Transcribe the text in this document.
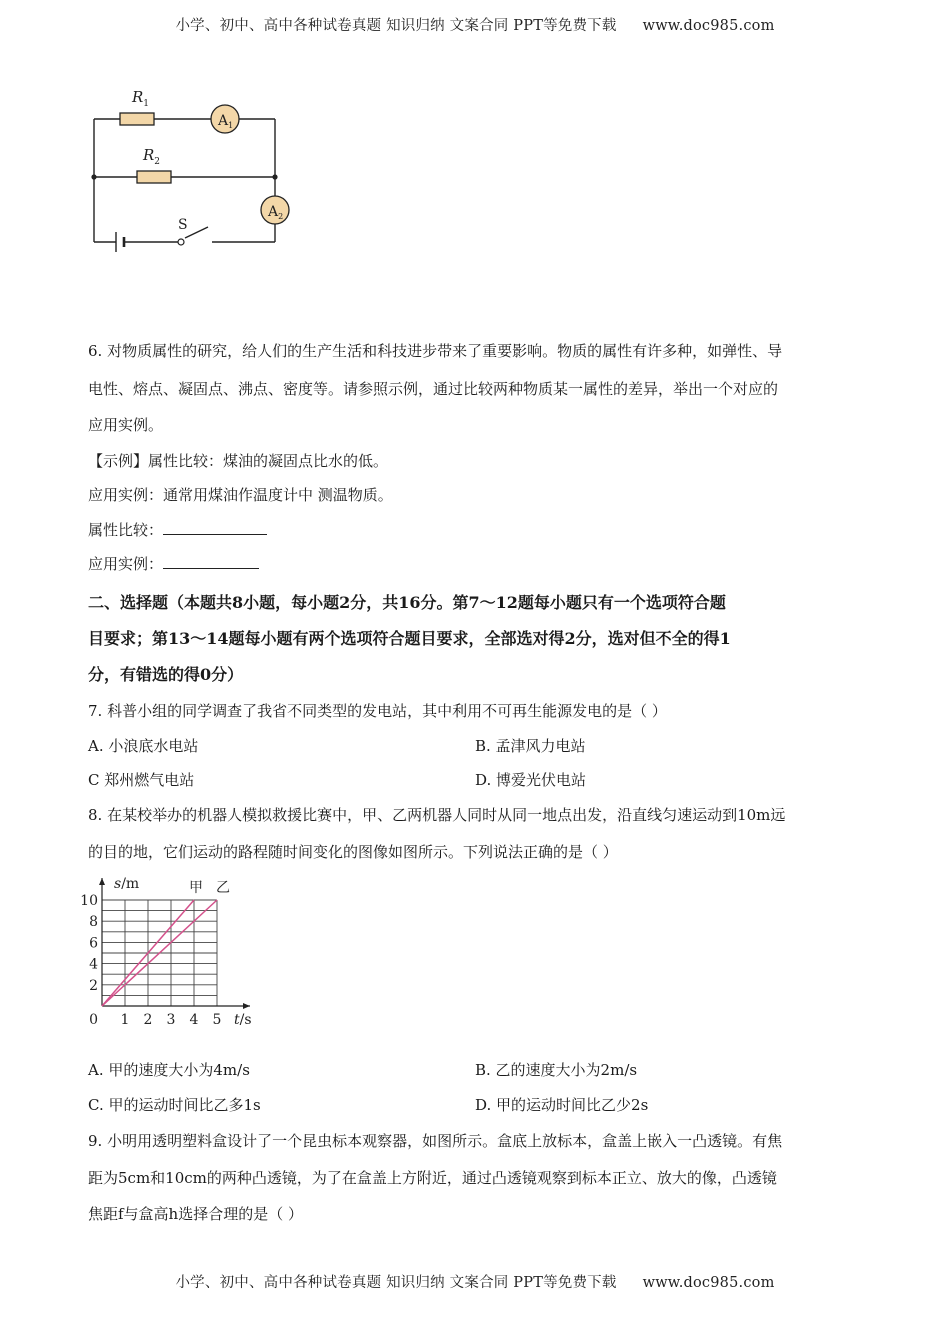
小学、初中、高中各种试卷真题 知识归纳 文案合同 PPT等免费下载 www.doc985.com
$R_1$
$R_2$
$A_1$
$A_2$
S
6. 对物质属性的研究，给人们的生产生活和科技进步带来了重要影响。物质的属性有许多种，如弹性、导
电性、熔点、凝固点、沸点、密度等。请参照示例，通过比较两种物质某一属性的差异，举出一个对应的
应用实例。
【示例】属性比较：煤油的凝固点比水的低。
应用实例：通常用煤油作温度计中 测温物质。
属性比较：
应用实例：
二、选择题（本题共8小题，每小题2分，共16分。第7～12题每小题只有一个选项符合题
目要求；第13～14题每小题有两个选项符合题目要求，全部选对得2分，选对但不全的得1
分，有错选的得0分）
7. 科普小组的同学调查了我省不同类型的发电站，其中利用不可再生能源发电的是（ ）
A. 小浪底水电站	B. 孟津风力电站
C 郑州燃气电站	D. 博爱光伏电站
8. 在某校举办的机器人模拟救援比赛中，甲、乙两机器人同时从同一地点出发，沿直线匀速运动到10m远
的目的地，它们运动的路程随时间变化的图像如图所示。下列说法正确的是（ ）
甲 乙
1 2 3 4 5
2
4
6
8
10
0	t/s
s/m
A. 甲的速度大小为4m/s	B. 乙的速度大小为2m/s
C. 甲的运动时间比乙多1s	D. 甲的运动时间比乙少2s
9. 小明用透明塑料盒设计了一个昆虫标本观察器，如图所示。盒底上放标本，盒盖上嵌入一凸透镜。有焦
距为5cm和10cm的两种凸透镜，为了在盒盖上方附近，通过凸透镜观察到标本正立、放大的像，凸透镜
焦距f与盒高h选择合理的是（ ）
小学、初中、高中各种试卷真题 知识归纳 文案合同 PPT等免费下载 www.doc985.com
